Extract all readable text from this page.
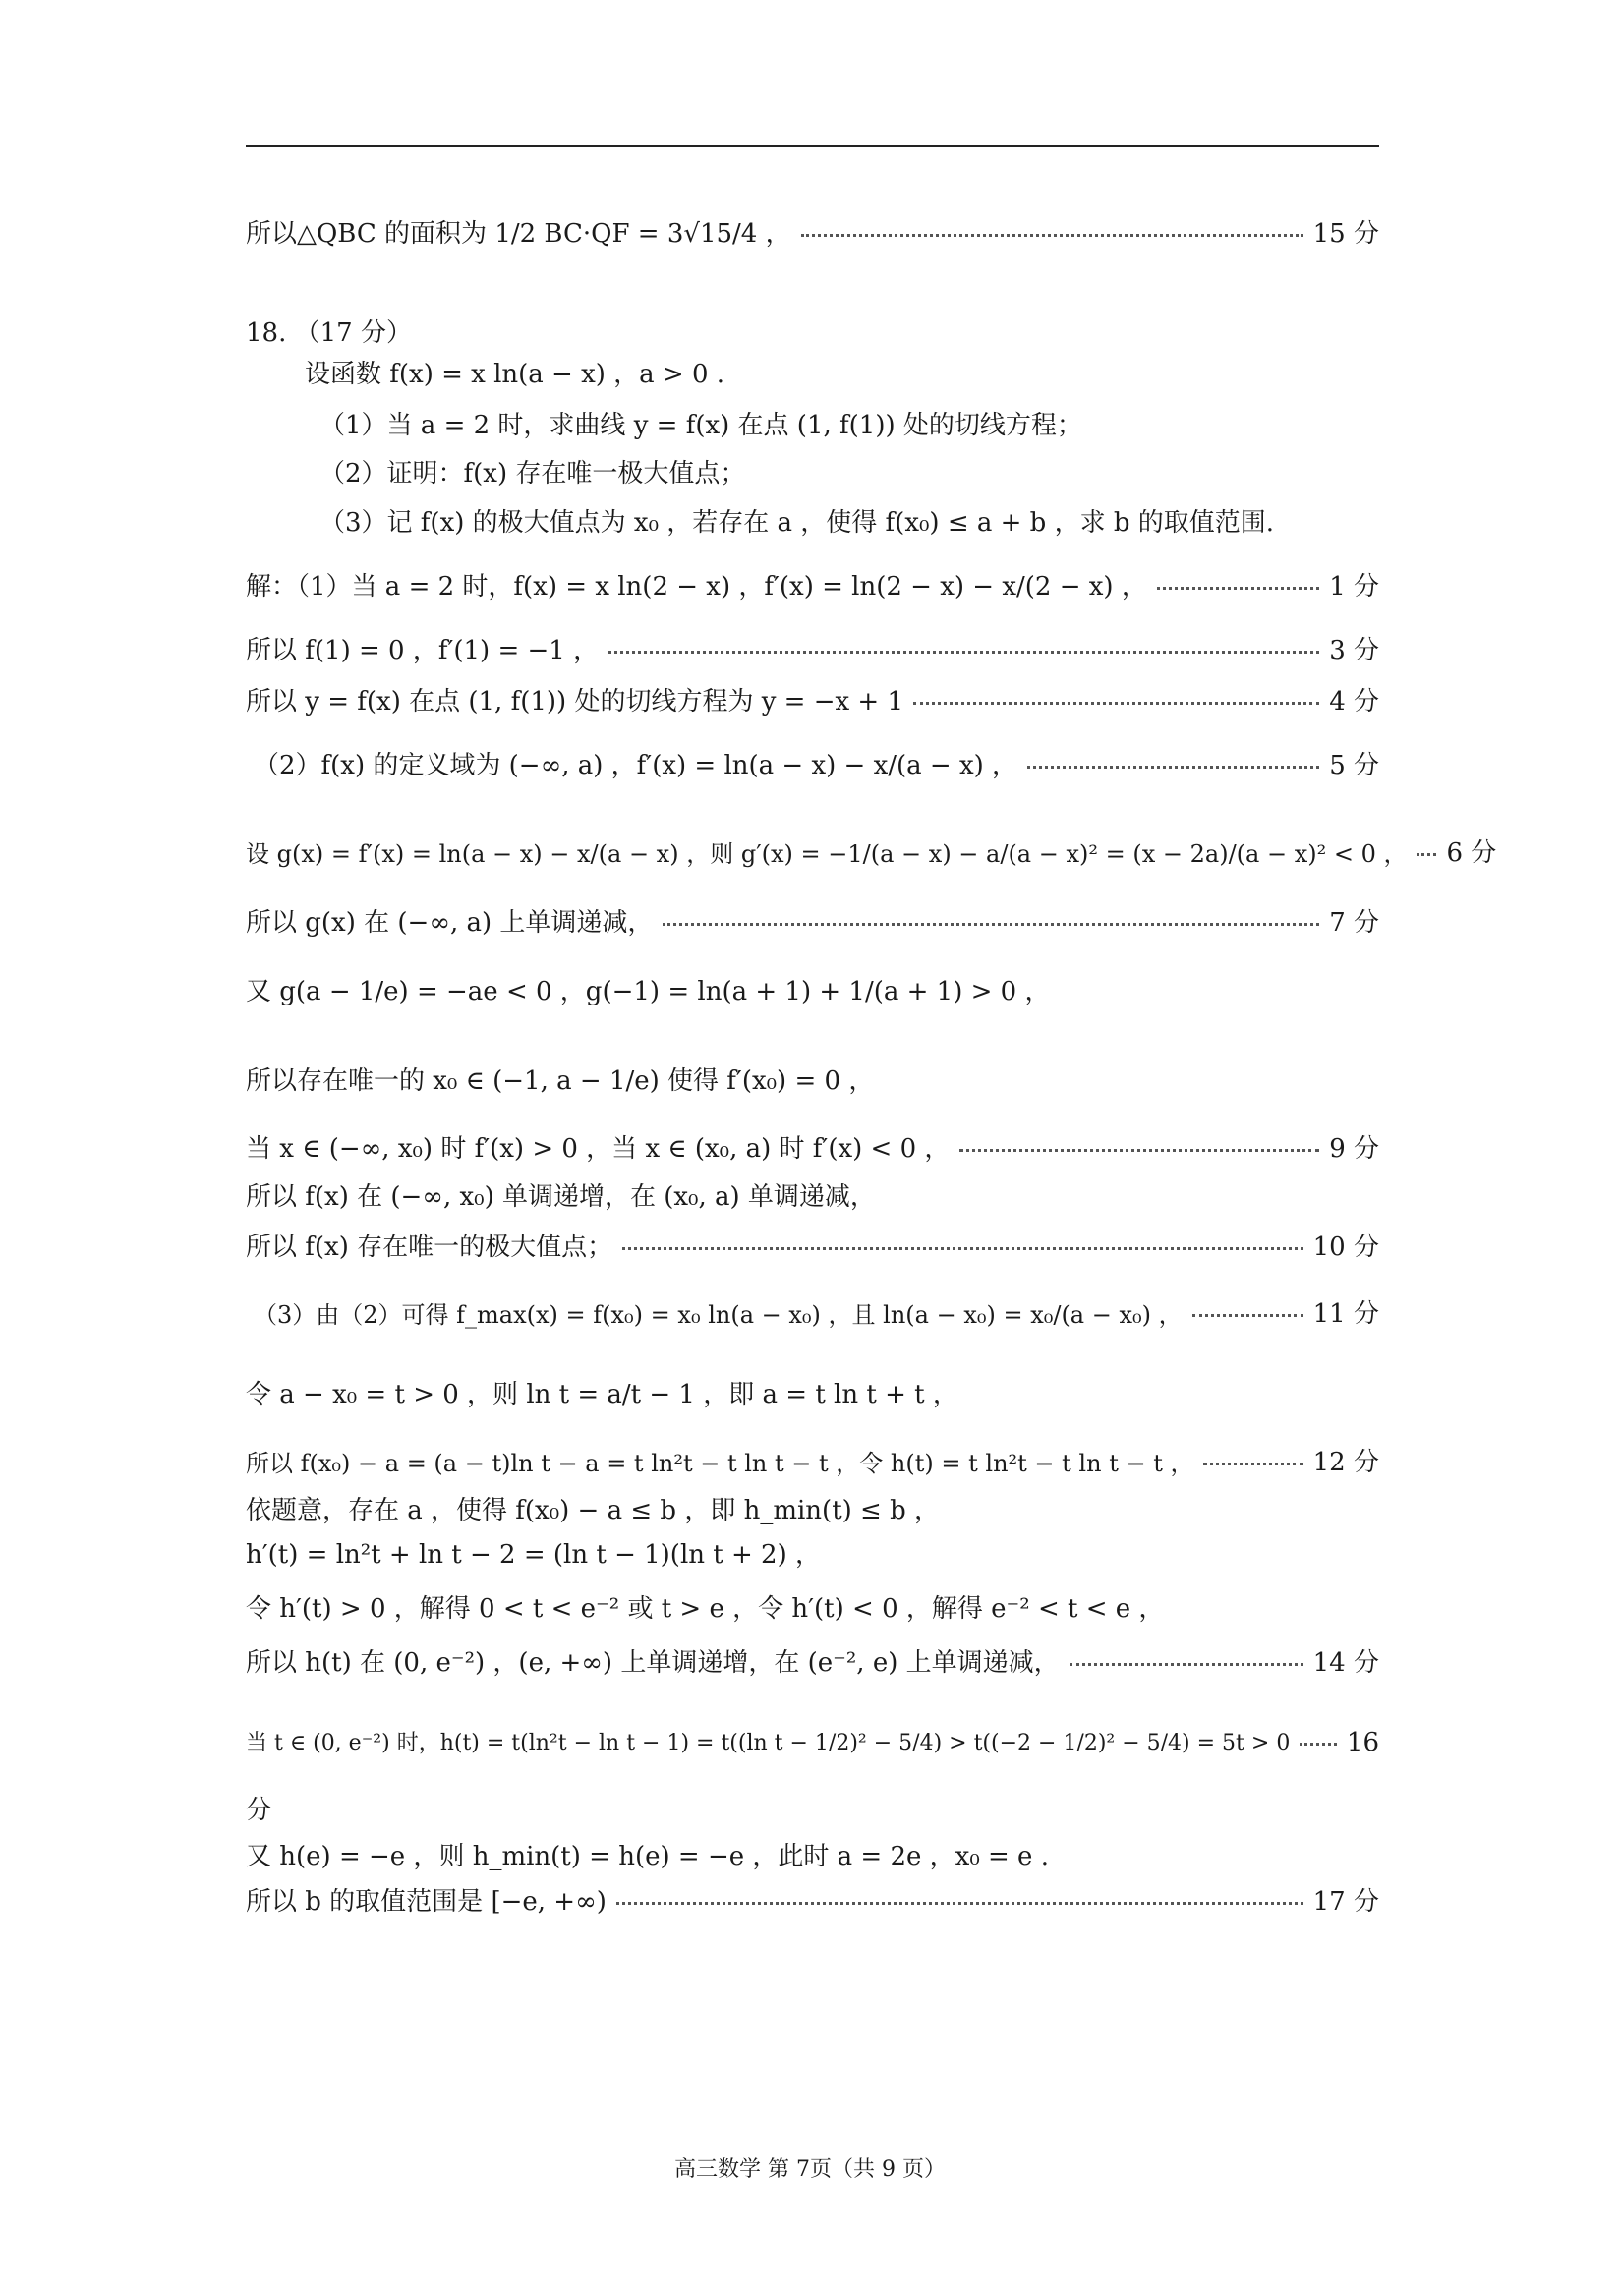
所以△QBC 的面积为 1/2 BC·QF = 3√15/4 ，	15 分
18. （17 分）
设函数 f(x) = x ln(a − x) ，a > 0 .
（1）当 a = 2 时，求曲线 y = f(x) 在点 (1, f(1)) 处的切线方程；
（2）证明：f(x) 存在唯一极大值点；
（3）记 f(x) 的极大值点为 x₀ ，若存在 a ，使得 f(x₀) ≤ a + b ，求 b 的取值范围.
解：（1）当 a = 2 时，f(x) = x ln(2 − x) ，f′(x) = ln(2 − x) − x/(2 − x) ，	1 分
所以 f(1) = 0 ，f′(1) = −1 ，	3 分
所以 y = f(x) 在点 (1, f(1)) 处的切线方程为 y = −x + 1	4 分
（2）f(x) 的定义域为 (−∞, a) ，f′(x) = ln(a − x) − x/(a − x) ，	5 分
设 g(x) = f′(x) = ln(a − x) − x/(a − x) ，则 g′(x) = −1/(a − x) − a/(a − x)² = (x − 2a)/(a − x)² < 0 ， 6 分
所以 g(x) 在 (−∞, a) 上单调递减，	7 分
又 g(a − 1/e) = −ae < 0 ，g(−1) = ln(a + 1) + 1/(a + 1) > 0 ，
所以存在唯一的 x₀ ∈ (−1, a − 1/e) 使得 f′(x₀) = 0 ，
当 x ∈ (−∞, x₀) 时 f′(x) > 0 ，当 x ∈ (x₀, a) 时 f′(x) < 0 ，	9 分
所以 f(x) 在 (−∞, x₀) 单调递增，在 (x₀, a) 单调递减，
所以 f(x) 存在唯一的极大值点；	10 分
（3）由（2）可得 f_max(x) = f(x₀) = x₀ ln(a − x₀) ，且 ln(a − x₀) = x₀/(a − x₀) ，	11 分
令 a − x₀ = t > 0 ，则 ln t = a/t − 1 ，即 a = t ln t + t ，
所以 f(x₀) − a = (a − t)ln t − a = t ln²t − t ln t − t ，令 h(t) = t ln²t − t ln t − t ，	12 分
依题意，存在 a ，使得 f(x₀) − a ≤ b ，即 h_min(t) ≤ b ，
h′(t) = ln²t + ln t − 2 = (ln t − 1)(ln t + 2) ，
令 h′(t) > 0 ，解得 0 < t < e⁻² 或 t > e ，令 h′(t) < 0 ，解得 e⁻² < t < e ，
所以 h(t) 在 (0, e⁻²) ，(e, +∞) 上单调递增，在 (e⁻², e) 上单调递减，	14 分
当 t ∈ (0, e⁻²) 时，h(t) = t(ln²t − ln t − 1) = t((ln t − 1/2)² − 5/4) > t((−2 − 1/2)² − 5/4) = 5t > 0 16
分
又 h(e) = −e ，则 h_min(t) = h(e) = −e ，此时 a = 2e ，x₀ = e .
所以 b 的取值范围是 [−e, +∞)	17 分
高三数学 第 7页（共 9 页）
